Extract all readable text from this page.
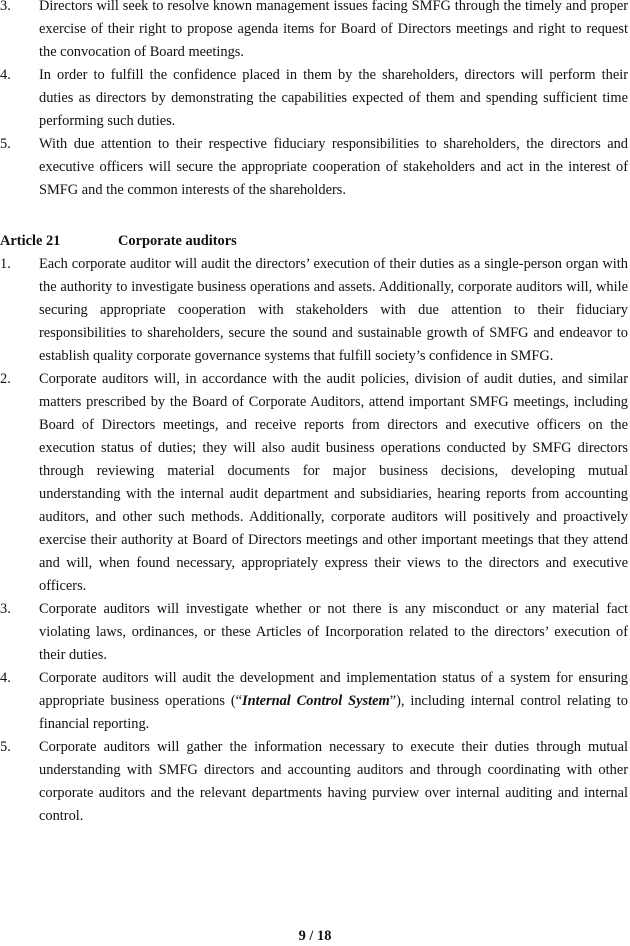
3.	Directors will seek to resolve known management issues facing SMFG through the timely and proper exercise of their right to propose agenda items for Board of Directors meetings and right to request the convocation of Board meetings.
4.	In order to fulfill the confidence placed in them by the shareholders, directors will perform their duties as directors by demonstrating the capabilities expected of them and spending sufficient time performing such duties.
5.	With due attention to their respective fiduciary responsibilities to shareholders, the directors and executive officers will secure the appropriate cooperation of stakeholders and act in the interest of SMFG and the common interests of the shareholders.
Article 21	Corporate auditors
1.	Each corporate auditor will audit the directors’ execution of their duties as a single-person organ with the authority to investigate business operations and assets. Additionally, corporate auditors will, while securing appropriate cooperation with stakeholders with due attention to their fiduciary responsibilities to shareholders, secure the sound and sustainable growth of SMFG and endeavor to establish quality corporate governance systems that fulfill society’s confidence in SMFG.
2.	Corporate auditors will, in accordance with the audit policies, division of audit duties, and similar matters prescribed by the Board of Corporate Auditors, attend important SMFG meetings, including Board of Directors meetings, and receive reports from directors and executive officers on the execution status of duties; they will also audit business operations conducted by SMFG directors through reviewing material documents for major business decisions, developing mutual understanding with the internal audit department and subsidiaries, hearing reports from accounting auditors, and other such methods. Additionally, corporate auditors will positively and proactively exercise their authority at Board of Directors meetings and other important meetings that they attend and will, when found necessary, appropriately express their views to the directors and executive officers.
3.	Corporate auditors will investigate whether or not there is any misconduct or any material fact violating laws, ordinances, or these Articles of Incorporation related to the directors’ execution of their duties.
4.	Corporate auditors will audit the development and implementation status of a system for ensuring appropriate business operations (“Internal Control System”), including internal control relating to financial reporting.
5.	Corporate auditors will gather the information necessary to execute their duties through mutual understanding with SMFG directors and accounting auditors and through coordinating with other corporate auditors and the relevant departments having purview over internal auditing and internal control.
9 / 18
